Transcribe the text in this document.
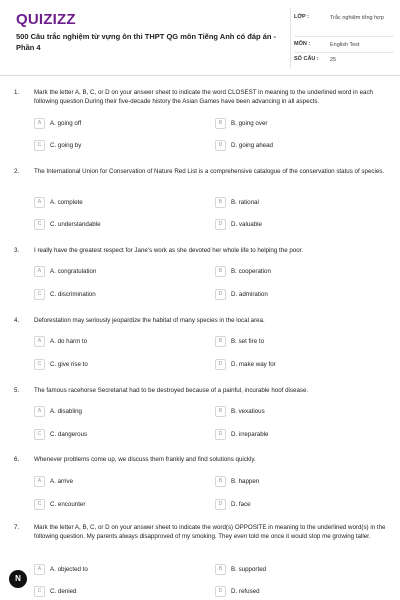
QUIZIZZ
500 Câu trắc nghiệm từ vựng ôn thi THPT QG môn Tiếng Anh có đáp án - Phần 4
LỚP :	Trắc nghiệm tổng hợp
MÔN :	English Test
SỐ CÂU : 25
1. Mark the letter A, B, C, or D on your answer sheet to indicate the word CLOSEST in meaning to the underlined word in each following question During their five-decade history the Asian Games have been advancing in all aspects.
A	A. going off	B	B. going over
C	C. going by	D	D. going ahead
2. The International Union for Conservation of Nature Red List is a comprehensive catalogue of the conservation status of species.
A	A. complete	B	B. rational
C	C. understandable	D	D. valuable
3. I really have the greatest respect for Jane's work as she devoted her whole life to helping the poor.
A	A. congratulation	B	B. cooperation
C	C. discrimination	D	D. admiration
4. Deforestation may seriously jeopardize the habitat of many species in the local area.
A	A. do harm to	B	B. set fire to
C	C. give rise to	D	D. make way for
5. The famous racehorse Secretariat had to be destroyed because of a painful, incurable hoof disease.
A	A. disabling	B	B. vexatious
C	C. dangerous	D	D. irreparable
6. Whenever problems come up, we discuss them frankly and find solutions quickly.
A	A. arrive	B	B. happen
C	C. encounter	D	D. face
7. Mark the letter A, B, C, or D on your answer sheet to indicate the word(s) OPPOSITE in meaning to the underlined word(s) in the following question. My parents always disapproved of my smoking. They even told me once it would stop me growing taller.
A	A. objected to	B	B. supported
C	C. denied	D	D. refused
N
